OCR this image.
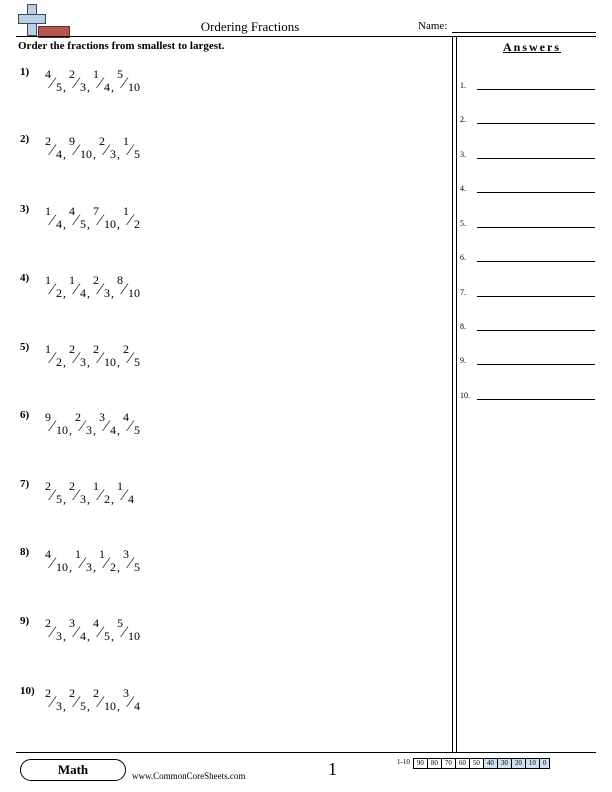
Ordering Fractions	Name:
Order the fractions from smallest to largest.
1) 4
⁄ 5 ,
2
⁄ 3 ,
1
⁄ 4 ,
5
⁄ 10
2) 2
⁄ 4 ,
9
⁄ 10 ,
2
⁄ 3 ,
1
⁄ 5
3) 1
⁄ 4 ,
4
⁄ 5 ,
7
⁄ 10 ,
1
⁄ 2
4) 1
⁄ 2 ,
1
⁄ 4 ,
2
⁄ 3 ,
8
⁄ 10
5) 1
⁄ 2 ,
2
⁄ 3 ,
2
⁄ 10 ,
2
⁄ 5
6) 9
⁄ 10 ,
2
⁄ 3 ,
3
⁄ 4 ,
4
⁄ 5
7) 2
⁄ 5 ,
2
⁄ 3 ,
1
⁄ 2 ,
1
⁄ 4
8) 4
⁄ 10 ,
1
⁄ 3 ,
1
⁄ 2 ,
3
⁄ 5
9) 2
⁄ 3 ,
3
⁄ 4 ,
4
⁄ 5 ,
5
⁄ 10
10) 2
⁄ 3 ,
2
⁄ 5 ,
2
⁄ 10 ,
3
⁄ 4
Answers
1.
2.
3.
4.
5.
6.
7.
8.
9.
10.
Math	www.CommonCoreSheets.com	1	1-10	90	80	70	60	50	40	30	20	10	0
